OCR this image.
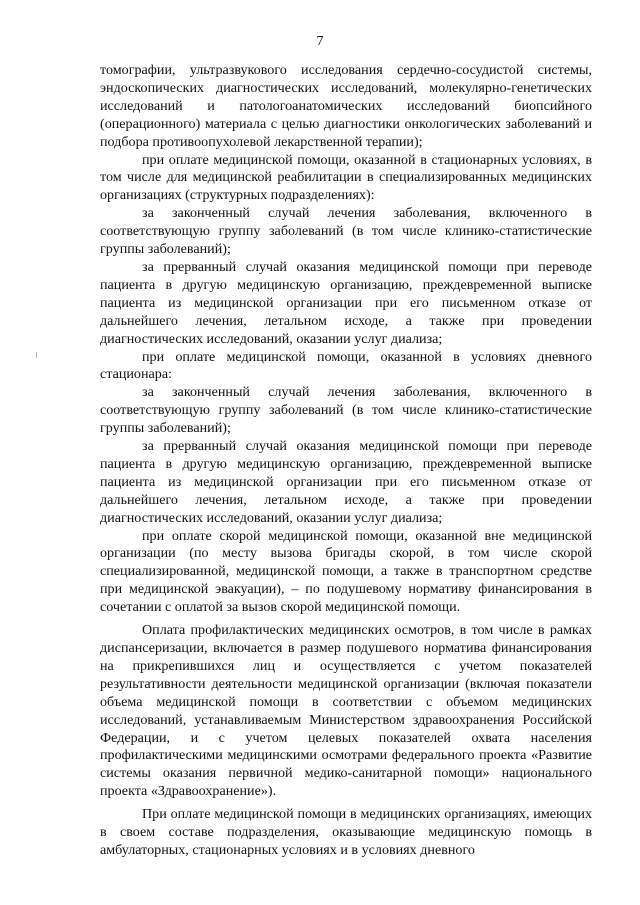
7

томографии, ультразвукового исследования сердечно-сосудистой системы, эндоскопических диагностических исследований, молекулярно-генетических исследований и патологоанатомических исследований биопсийного (операционного) материала с целью диагностики онкологических заболеваний и подбора противоопухолевой лекарственной терапии);

при оплате медицинской помощи, оказанной в стационарных условиях, в том числе для медицинской реабилитации в специализированных медицинских организациях (структурных подразделениях):

за законченный случай лечения заболевания, включенного в соответствующую группу заболеваний (в том числе клинико-статистические группы заболеваний);

за прерванный случай оказания медицинской помощи при переводе пациента в другую медицинскую организацию, преждевременной выписке пациента из медицинской организации при его письменном отказе от дальнейшего лечения, летальном исходе, а также при проведении диагностических исследований, оказании услуг диализа;

при оплате медицинской помощи, оказанной в условиях дневного стационара:

за законченный случай лечения заболевания, включенного в соответствующую группу заболеваний (в том числе клинико-статистические группы заболеваний);

за прерванный случай оказания медицинской помощи при переводе пациента в другую медицинскую организацию, преждевременной выписке пациента из медицинской организации при его письменном отказе от дальнейшего лечения, летальном исходе, а также при проведении диагностических исследований, оказании услуг диализа;

при оплате скорой медицинской помощи, оказанной вне медицинской организации (по месту вызова бригады скорой, в том числе скорой специализированной, медицинской помощи, а также в транспортном средстве при медицинской эвакуации), – по подушевому нормативу финансирования в сочетании с оплатой за вызов скорой медицинской помощи.

Оплата профилактических медицинских осмотров, в том числе в рамках диспансеризации, включается в размер подушевого норматива финансирования на прикрепившихся лиц и осуществляется с учетом показателей результативности деятельности медицинской организации (включая показатели объема медицинской помощи в соответствии с объемом медицинских исследований, устанавливаемым Министерством здравоохранения Российской Федерации, и с учетом целевых показателей охвата населения профилактическими медицинскими осмотрами федерального проекта «Развитие системы оказания первичной медико-санитарной помощи» национального проекта «Здравоохранение»).

При оплате медицинской помощи в медицинских организациях, имеющих в своем составе подразделения, оказывающие медицинскую помощь в амбулаторных, стационарных условиях и в условиях дневного
